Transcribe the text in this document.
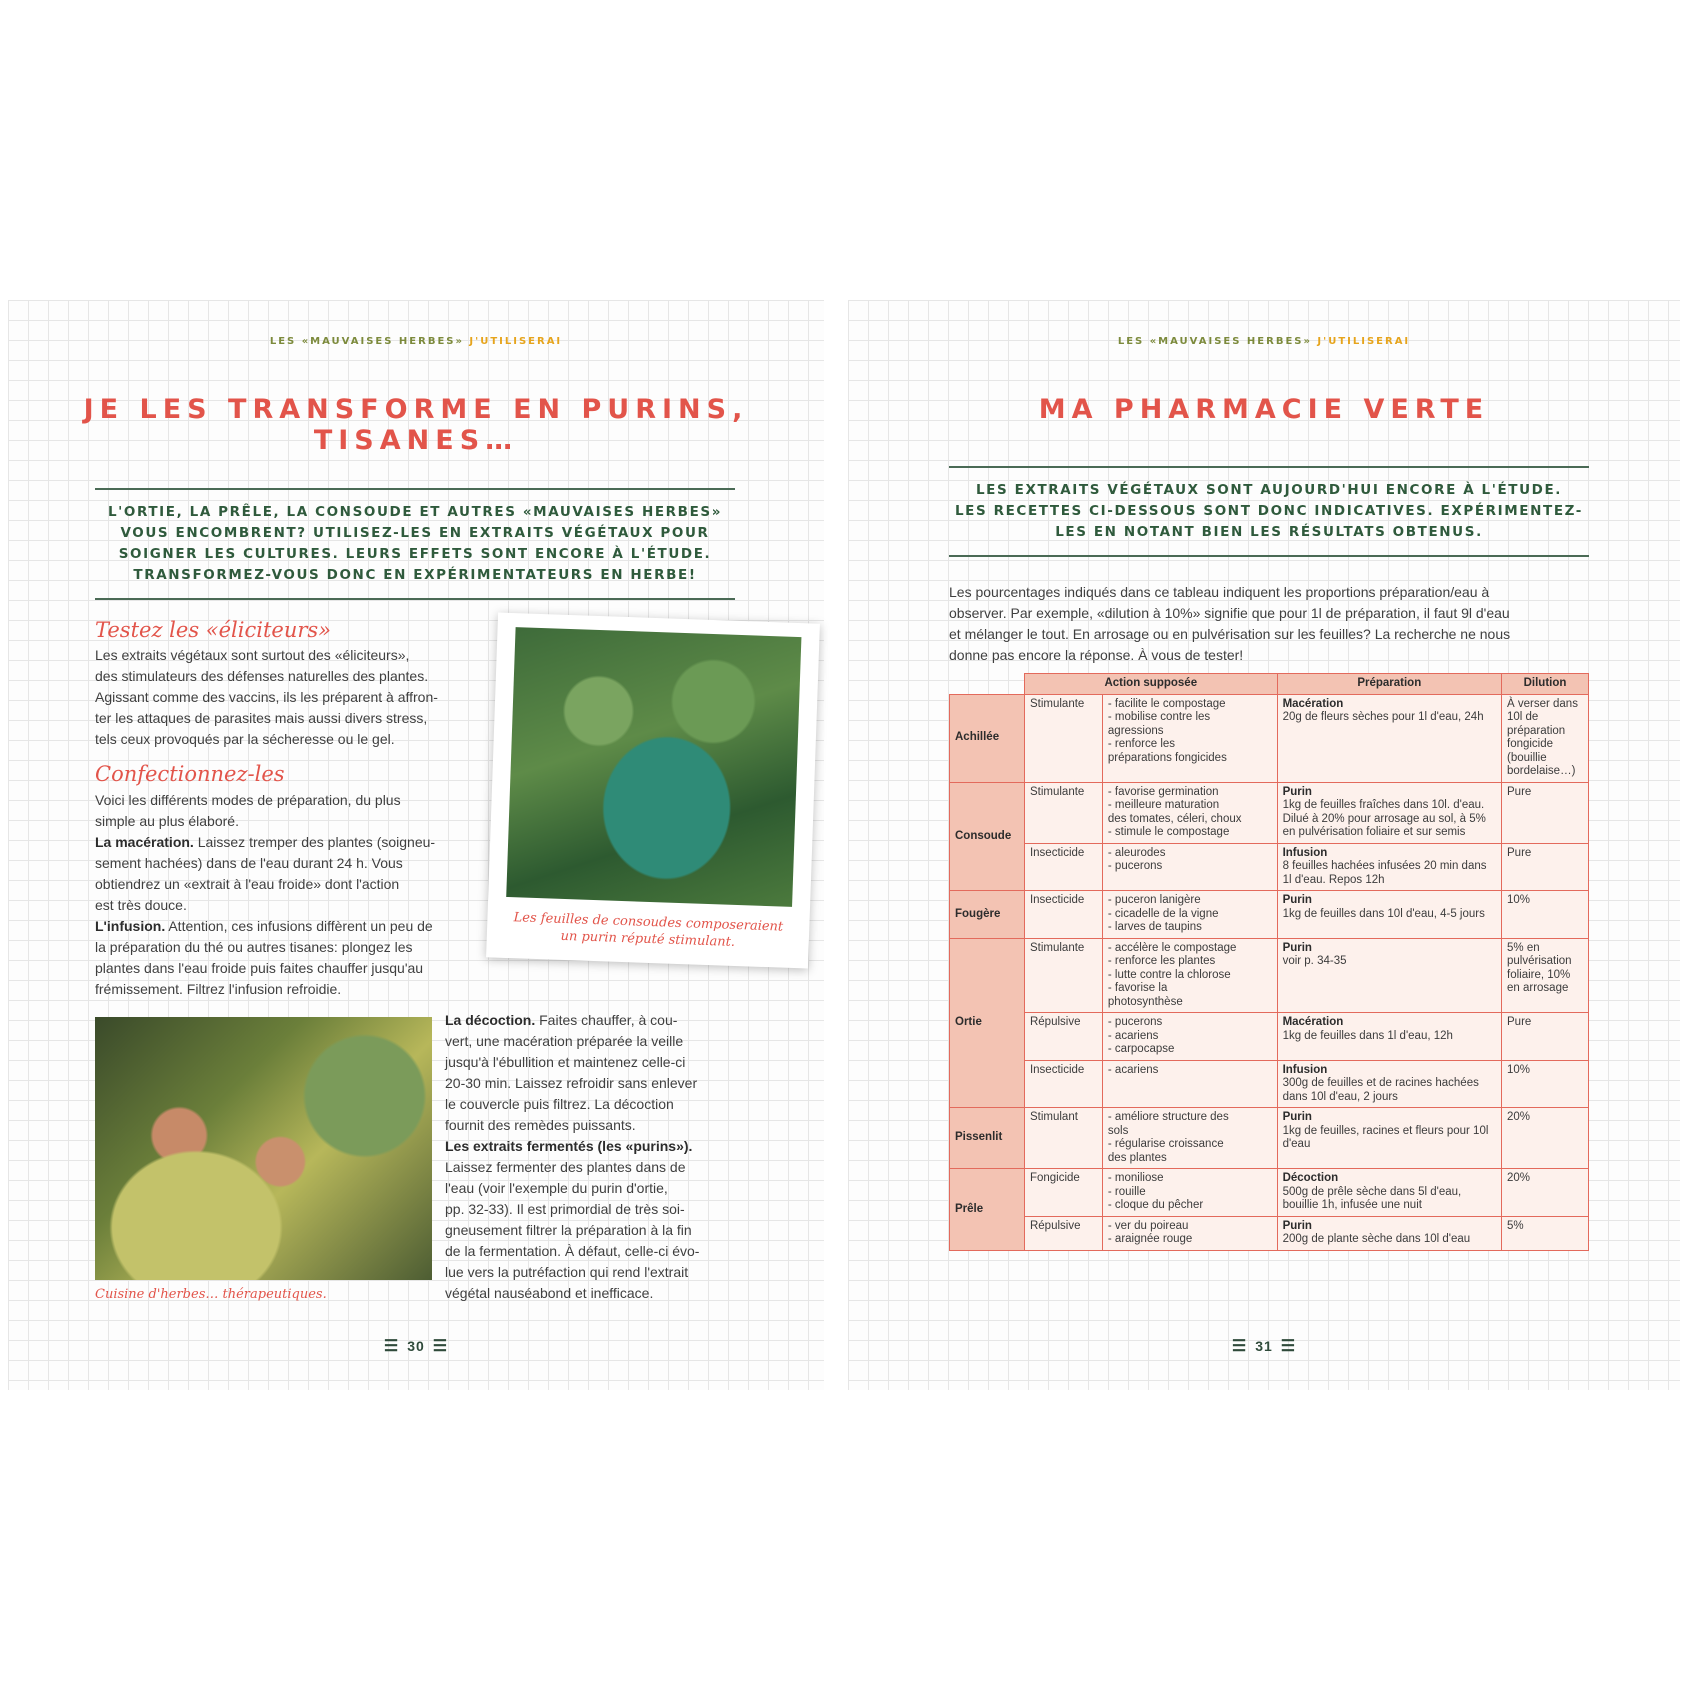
LES «MAUVAISES HERBES» J'UTILISERAI
JE LES TRANSFORME EN PURINS,
TISANES…

L'ORTIE, LA PRÊLE, LA CONSOUDE ET AUTRES «MAUVAISES HERBES»

VOUS ENCOMBRENT? UTILISEZ-LES EN EXTRAITS VÉGÉTAUX POUR

SOIGNER LES CULTURES. LEURS EFFETS SONT ENCORE À L'ÉTUDE.

TRANSFORMEZ-VOUS DONC EN EXPÉRIMENTATEURS EN HERBE!

Testez les «éliciteurs»

Les extraits végétaux sont surtout des «éliciteurs»,

des stimulateurs des défenses naturelles des plantes.

Agissant comme des vaccins, ils les préparent à affron-

ter les attaques de parasites mais aussi divers stress,

tels ceux provoqués par la sécheresse ou le gel.

Confectionnez-les

Voici les différents modes de préparation, du plus

simple au plus élaboré.

La macération. Laissez tremper des plantes (soigneu-

sement hachées) dans de l'eau durant 24 h. Vous

obtiendrez un «extrait à l'eau froide» dont l'action

est très douce.

L'infusion. Attention, ces infusions diffèrent un peu de

la préparation du thé ou autres tisanes: plongez les

plantes dans l'eau froide puis faites chauffer jusqu'au

frémissement. Filtrez l'infusion refroidie.

Les feuilles de consoudes composeraient
un purin réputé stimulant.
Cuisine d'herbes… thérapeutiques.

La décoction. Faites chauffer, à cou-

vert, une macération préparée la veille

jusqu'à l'ébullition et maintenez celle-ci

20-30 min. Laissez refroidir sans enlever

le couvercle puis filtrez. La décoction

fournit des remèdes puissants.

Les extraits fermentés (les «purins»).

Laissez fermenter des plantes dans de

l'eau (voir l'exemple du purin d'ortie,

pp. 32-33). Il est primordial de très soi-

gneusement filtrer la préparation à la fin

de la fermentation. À défaut, celle-ci évo-

lue vers la putréfaction qui rend l'extrait

végétal nauséabond et inefficace.

☰ 30 ☰
LES «MAUVAISES HERBES» J'UTILISERAI
MA PHARMACIE VERTE

LES EXTRAITS VÉGÉTAUX SONT AUJOURD'HUI ENCORE À L'ÉTUDE.

LES RECETTES CI-DESSOUS SONT DONC INDICATIVES. EXPÉRIMENTEZ-

LES EN NOTANT BIEN LES RÉSULTATS OBTENUS.

Les pourcentages indiqués dans ce tableau indiquent les proportions préparation/eau à

observer. Par exemple, «dilution à 10%» signifie que pour 1l de préparation, il faut 9l d'eau

et mélanger le tout. En arrosage ou en pulvérisation sur les feuilles? La recherche ne nous

donne pas encore la réponse. À vous de tester!

	Action supposée		Préparation	Dilution
Achillée	Stimulante	- facilite le compostage
- mobilise contre les
agressions
- renforce les
préparations fongicides	Macération
20g de fleurs sèches pour 1l d'eau, 24h	À verser dans 10l de préparation fongicide (bouillie bordelaise…)
Consoude	Stimulante	- favorise germination
- meilleure maturation
des tomates, céleri, choux
- stimule le compostage	Purin
1kg de feuilles fraîches dans 10l. d'eau. Dilué à 20% pour arrosage au sol, à 5% en pulvérisation foliaire et sur semis	Pure
	Insecticide	- aleurodes
- pucerons	Infusion
8 feuilles hachées infusées 20 min dans 1l d'eau. Repos 12h	Pure
Fougère	Insecticide	- puceron lanigère
- cicadelle de la vigne
- larves de taupins	Purin
1kg de feuilles dans 10l d'eau, 4-5 jours	10%
Ortie	Stimulante	- accélère le compostage
- renforce les plantes
- lutte contre la chlorose
- favorise la
photosynthèse	Purin
voir p. 34-35	5% en pulvérisation foliaire, 10% en arrosage
	Répulsive	- pucerons
- acariens
- carpocapse	Macération
1kg de feuilles dans 1l d'eau, 12h	Pure
	Insecticide	- acariens	Infusion
300g de feuilles et de racines hachées dans 10l d'eau, 2 jours	10%
Pissenlit	Stimulant	- améliore structure des
sols
- régularise croissance
des plantes	Purin
1kg de feuilles, racines et fleurs pour 10l d'eau	20%
Prêle	Fongicide	- moniliose
- rouille
- cloque du pêcher	Décoction
500g de prêle sèche dans 5l d'eau, bouillie 1h, infusée une nuit	20%
	Répulsive	- ver du poireau
- araignée rouge	Purin
200g de plante sèche dans 10l d'eau	5%
☰ 31 ☰
